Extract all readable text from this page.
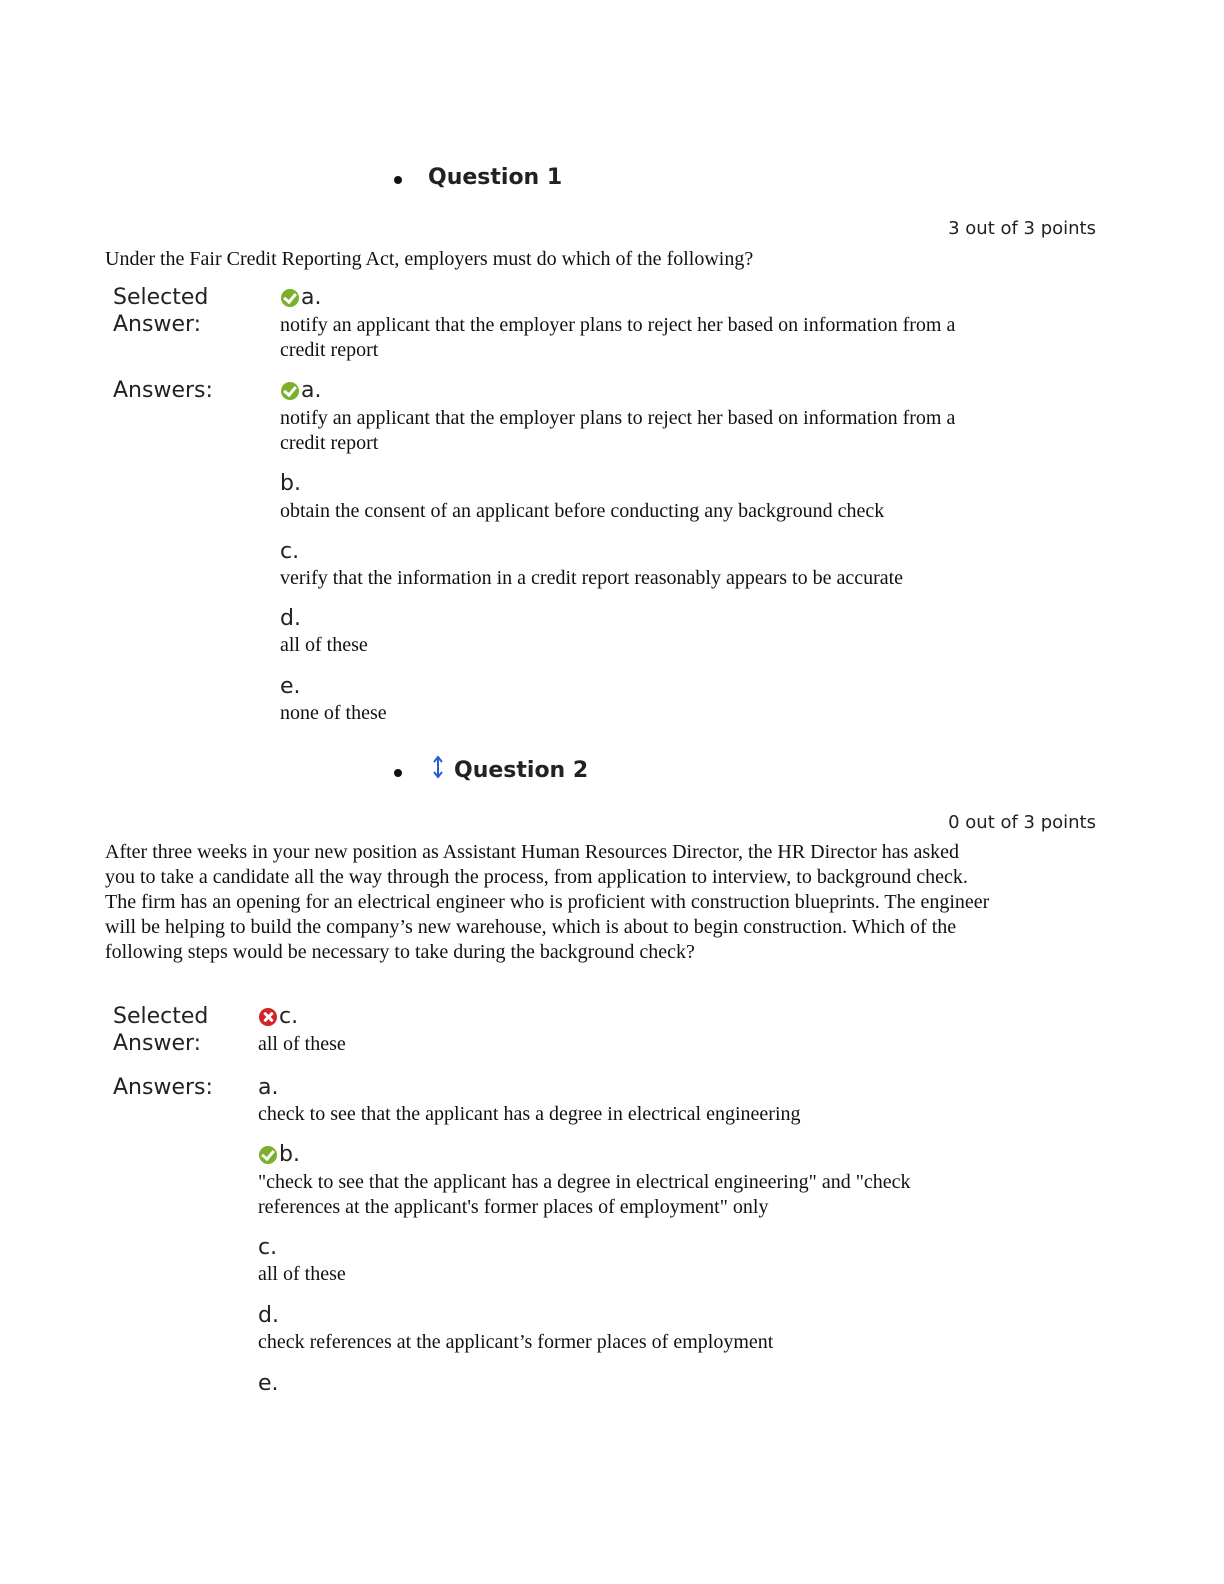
Question 1
3 out of 3 points
Under the Fair Credit Reporting Act, employers must do which of the following?
Selected
Answer:
a.
notify an applicant that the employer plans to reject her based on information from a credit report
Answers:	a.
notify an applicant that the employer plans to reject her based on information from a credit report
b.
obtain the consent of an applicant before conducting any background check
c.
verify that the information in a credit report reasonably appears to be accurate
d.
all of these
e.
none of these
Question 2
0 out of 3 points
After three weeks in your new position as Assistant Human Resources Director, the HR Director has asked you to take a candidate all the way through the process, from application to interview, to background check. The firm has an opening for an electrical engineer who is proficient with construction blueprints. The engineer will be helping to build the company’s new warehouse, which is about to begin construction. Which of the following steps would be necessary to take during the background check?
Selected
Answer:
c.
all of these
Answers: a.
check to see that the applicant has a degree in electrical engineering
b.
"check to see that the applicant has a degree in electrical engineering" and "check references at the applicant's former places of employment" only
c.
all of these
d.
check references at the applicant’s former places of employment
e.
